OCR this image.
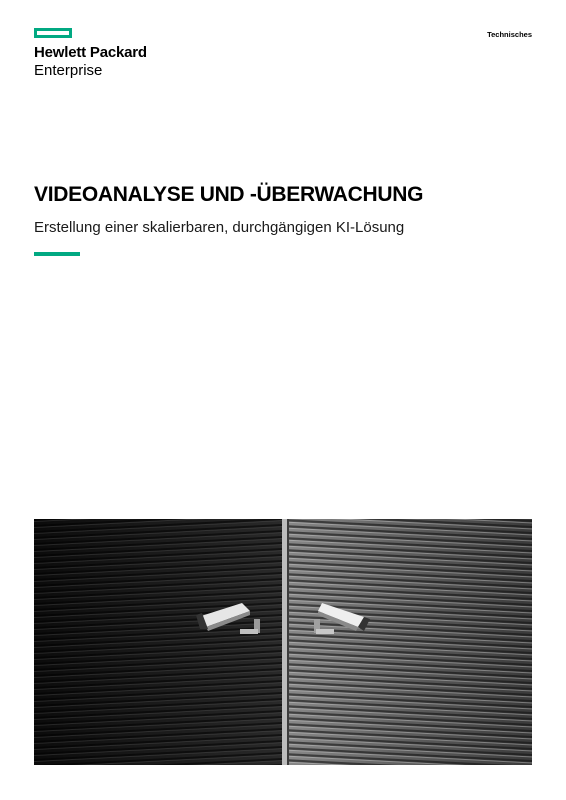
Hewlett Packard
Enterprise
Technisches
VIDEOANALYSE UND -ÜBERWACHUNG
Erstellung einer skalierbaren, durchgängigen KI-Lösung
